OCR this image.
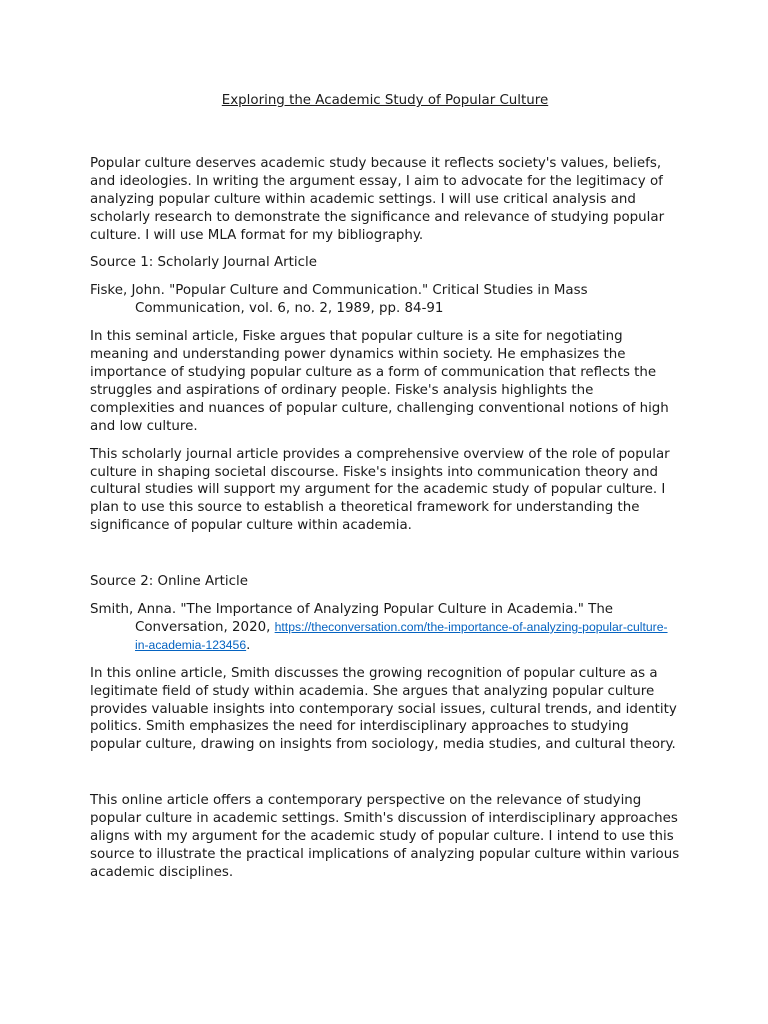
Exploring the Academic Study of Popular Culture

Popular culture deserves academic study because it reflects society's values, beliefs, and ideologies. In writing the argument essay, I aim to advocate for the legitimacy of analyzing popular culture within academic settings. I will use critical analysis and scholarly research to demonstrate the significance and relevance of studying popular culture. I will use MLA format for my bibliography.

Source 1: Scholarly Journal Article

Fiske, John. "Popular Culture and Communication." Critical Studies in Mass Communication, vol. 6, no. 2, 1989, pp. 84-91

In this seminal article, Fiske argues that popular culture is a site for negotiating meaning and understanding power dynamics within society. He emphasizes the importance of studying popular culture as a form of communication that reflects the struggles and aspirations of ordinary people. Fiske's analysis highlights the complexities and nuances of popular culture, challenging conventional notions of high and low culture.

This scholarly journal article provides a comprehensive overview of the role of popular culture in shaping societal discourse. Fiske's insights into communication theory and cultural studies will support my argument for the academic study of popular culture. I plan to use this source to establish a theoretical framework for understanding the significance of popular culture within academia.

Source 2: Online Article

Smith, Anna. "The Importance of Analyzing Popular Culture in Academia." The Conversation, 2020, https://theconversation.com/the-importance-of-analyzing-popular-culture-in-academia-123456.

In this online article, Smith discusses the growing recognition of popular culture as a legitimate field of study within academia. She argues that analyzing popular culture provides valuable insights into contemporary social issues, cultural trends, and identity politics. Smith emphasizes the need for interdisciplinary approaches to studying popular culture, drawing on insights from sociology, media studies, and cultural theory.

This online article offers a contemporary perspective on the relevance of studying popular culture in academic settings. Smith's discussion of interdisciplinary approaches aligns with my argument for the academic study of popular culture. I intend to use this source to illustrate the practical implications of analyzing popular culture within various academic disciplines.
